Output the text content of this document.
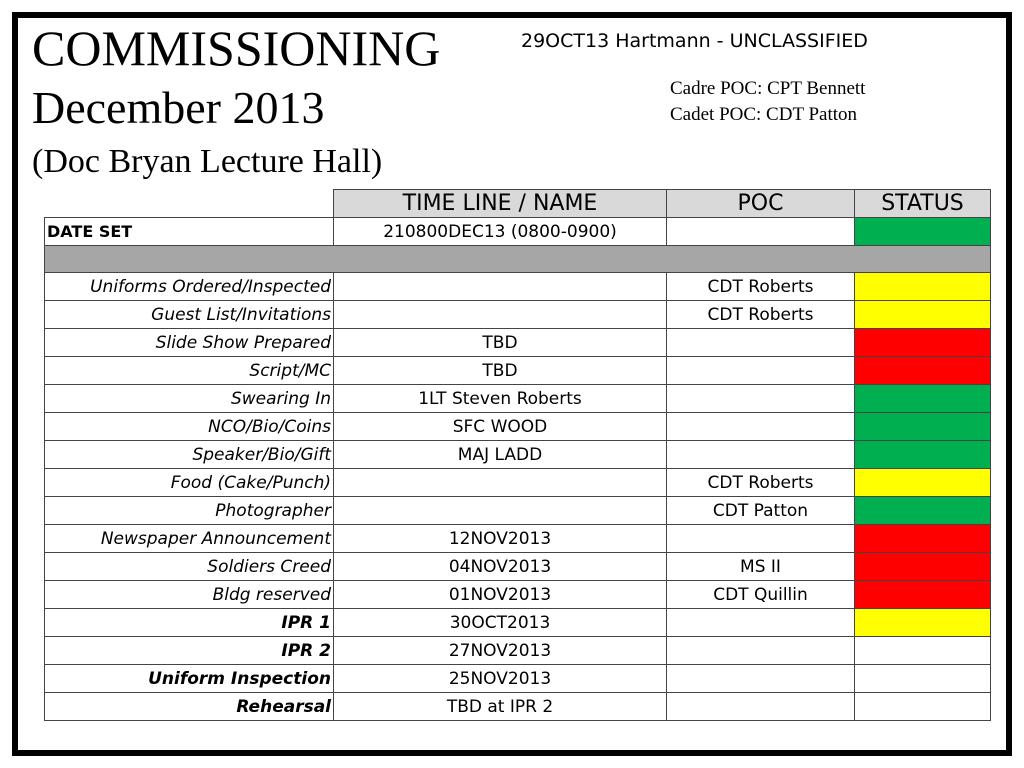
COMMISSIONING
December 2013
(Doc Bryan Lecture Hall)
29OCT13 Hartmann - UNCLASSIFIED
Cadre POC: CPT Bennett
Cadet POC: CDT Patton
	TIME LINE / NAME	POC	STATUS
DATE SET	210800DEC13 (0800-0900)		

Uniforms Ordered/Inspected		CDT Roberts	
Guest List/Invitations		CDT Roberts	
Slide Show Prepared	TBD		
Script/MC	TBD		
Swearing In	1LT Steven Roberts		
NCO/Bio/Coins	SFC WOOD		
Speaker/Bio/Gift	MAJ LADD		
Food (Cake/Punch)		CDT Roberts	
Photographer		CDT Patton	
Newspaper Announcement	12NOV2013		
Soldiers Creed	04NOV2013	MS II	
Bldg reserved	01NOV2013	CDT Quillin	
IPR 1	30OCT2013		
IPR 2	27NOV2013		
Uniform Inspection	25NOV2013		
Rehearsal	TBD at IPR 2		
